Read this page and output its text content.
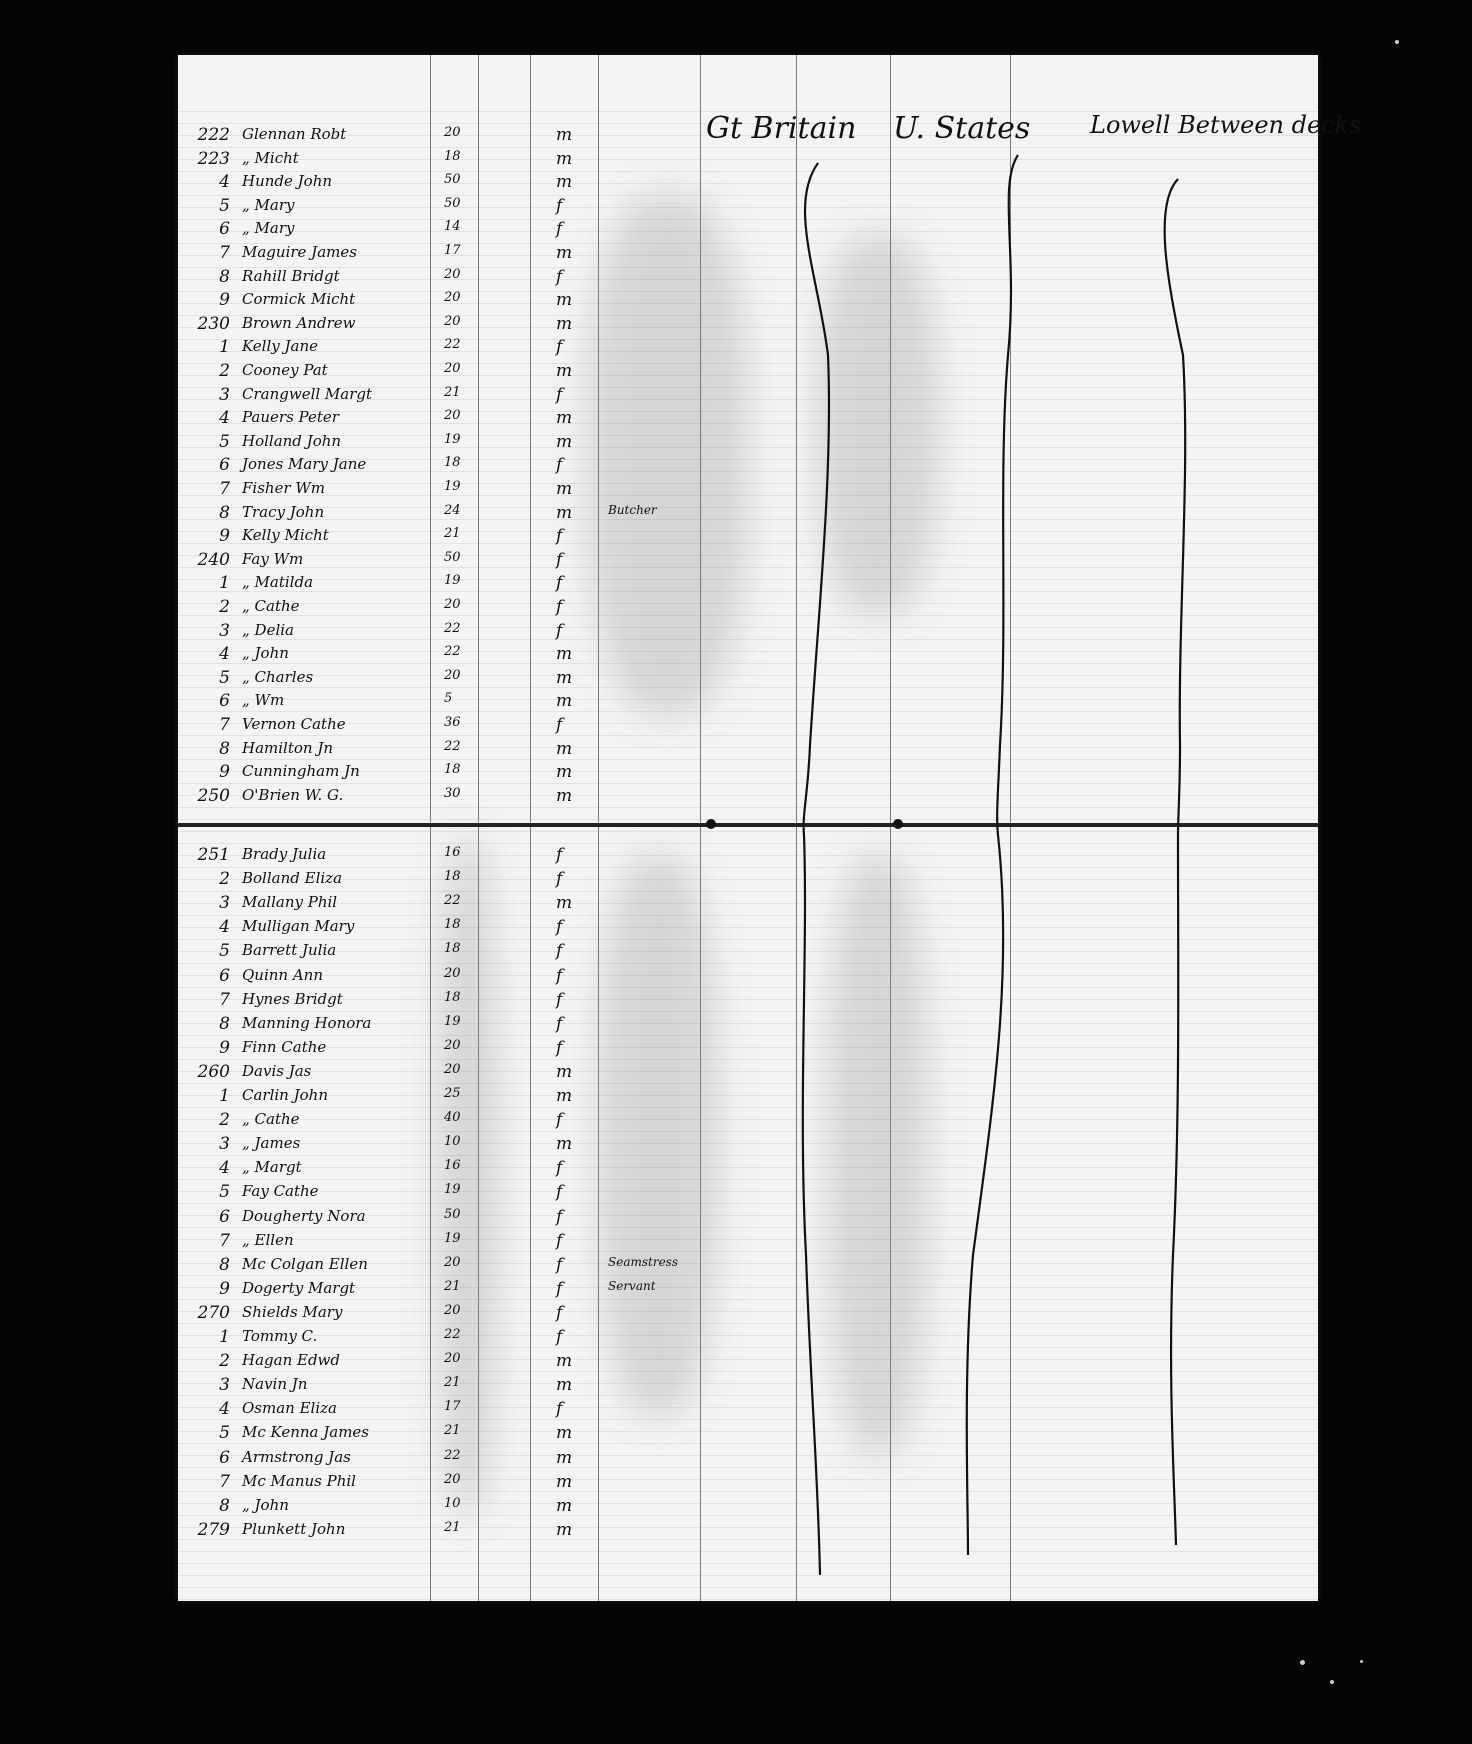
Gt Britain U. States Lowell Between decks
222 Glennan Robt	20	m
223 „ Micht	18	m
4 Hunde John	50	m
5 „ Mary	50	f
6 „ Mary	14	f
7 Maguire James	17	m
8 Rahill Bridgt	20	f
9 Cormick Micht	20	m
230 Brown Andrew	20	m
1 Kelly Jane	22	f
2 Cooney Pat	20	m
3 Crangwell Margt	21	f
4 Pauers Peter	20	m
5 Holland John	19	m
6 Jones Mary Jane	18	f
7 Fisher Wm	19	m
8 Tracy John	24	m	Butcher
9 Kelly Micht	21	f
240 Fay Wm	50	f
1 „ Matilda	19	f
2 „ Cathe	20	f
3 „ Delia	22	f
4 „ John	22	m
5 „ Charles	20	m
6 „ Wm	5	m
7 Vernon Cathe	36	f
8 Hamilton Jn	22	m
9 Cunningham Jn	18	m
250 O'Brien W. G.	30	m
251 Brady Julia	16	f
2 Bolland Eliza	18	f
3 Mallany Phil	22	m
4 Mulligan Mary	18	f
5 Barrett Julia	18	f
6 Quinn Ann	20	f
7 Hynes Bridgt	18	f
8 Manning Honora	19	f
9 Finn Cathe	20	f
260 Davis Jas	20	m
1 Carlin John	25	m
2 „ Cathe	40	f
3 „ James	10	m
4 „ Margt	16	f
5 Fay Cathe	19	f
6 Dougherty Nora	50	f
7 „ Ellen	19	f
8 Mc Colgan Ellen	20	f	Seamstress
9 Dogerty Margt	21	f	Servant
270 Shields Mary	20	f
1 Tommy C.	22	f
2 Hagan Edwd	20	m
3 Navin Jn	21	m
4 Osman Eliza	17	f
5 Mc Kenna James	21	m
6 Armstrong Jas	22	m
7 Mc Manus Phil	20	m
8 „ John	10	m
279 Plunkett John	21	m
